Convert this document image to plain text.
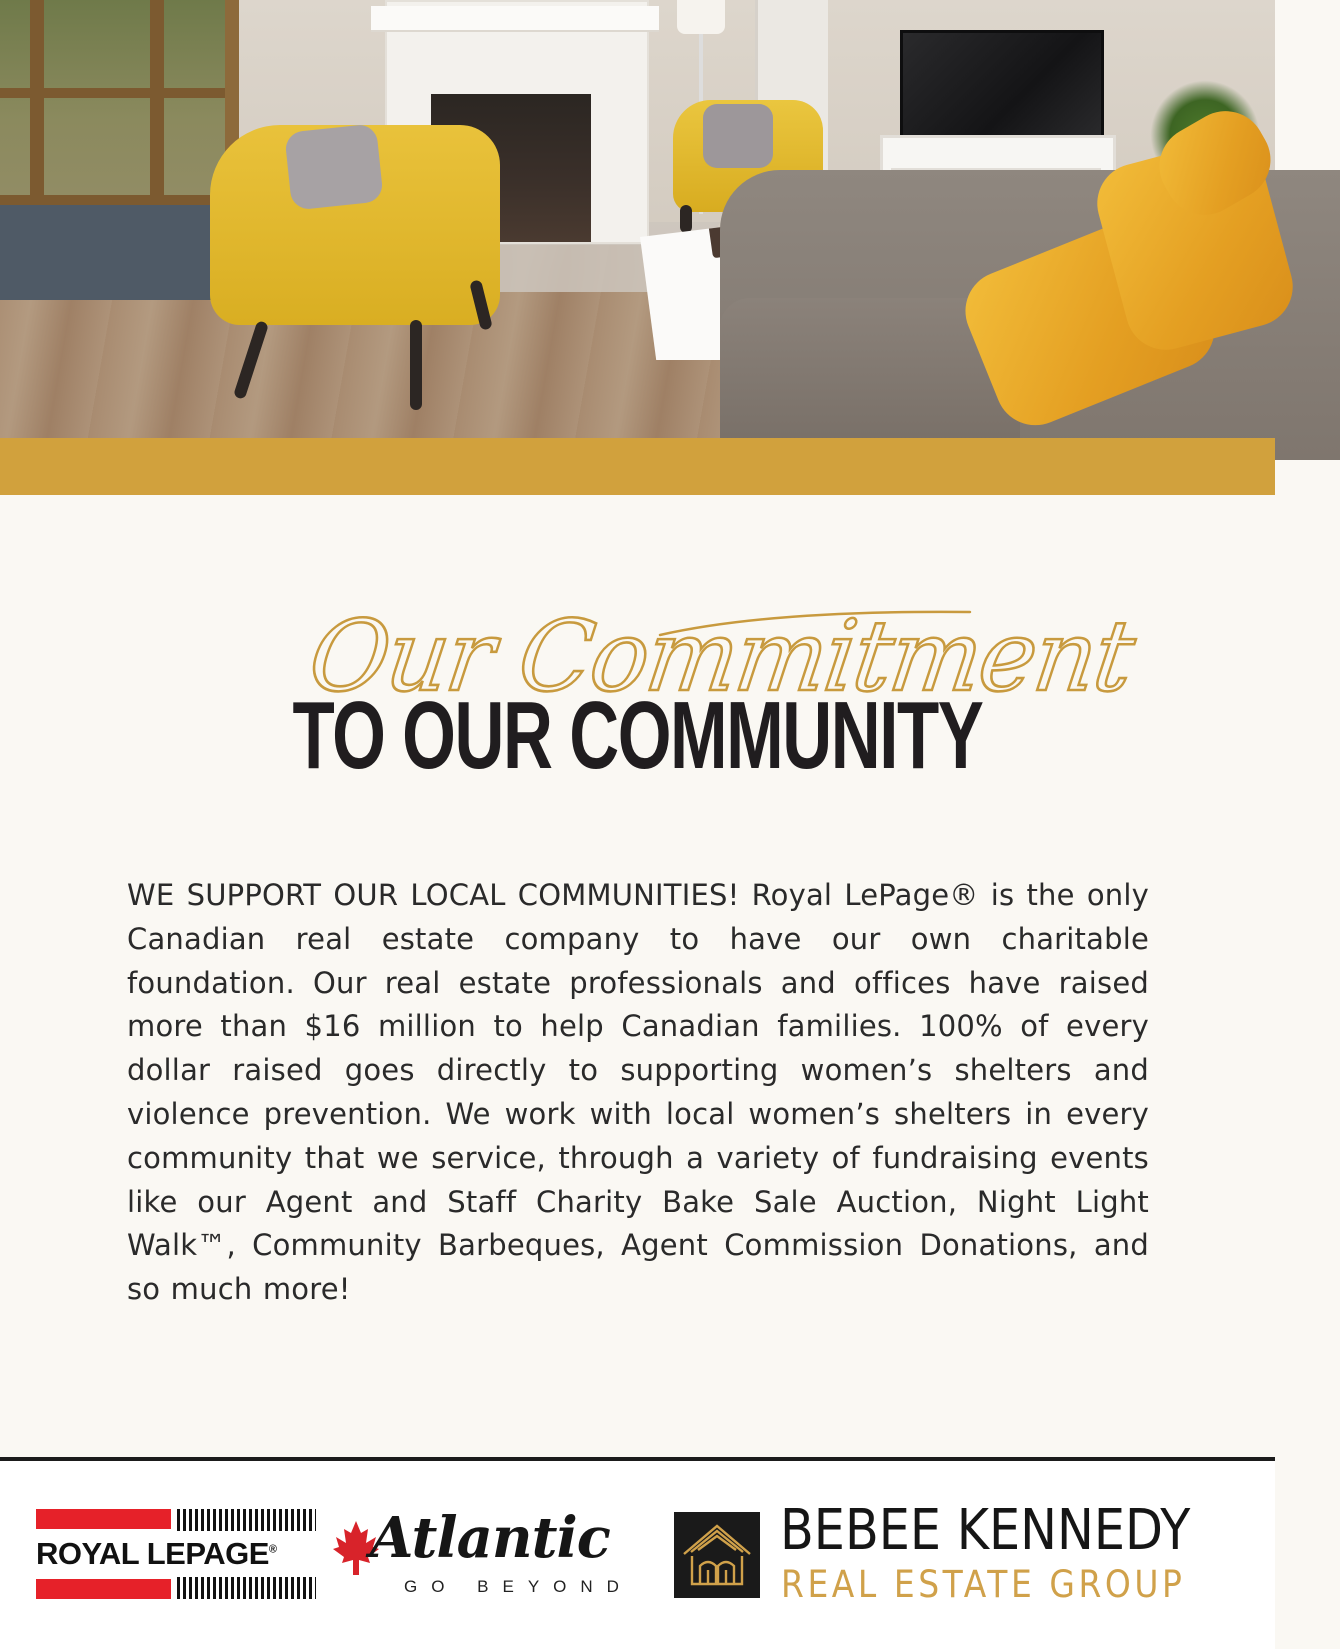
Our Commitment
TO OUR COMMUNITY
WE SUPPORT OUR LOCAL COMMUNITIES! Royal LePage® is the only Canadian real estate company to have our own charitable foundation. Our real estate professionals and offices have raised more than $16 million to help Canadian families. 100% of every dollar raised goes directly to supporting women’s shelters and violence prevention. We work with local women’s shelters in every community that we service, through a variety of fundraising events like our Agent and Staff Charity Bake Sale Auction, Night Light Walk™, Community Barbeques, Agent Commission Donations, and so much more!
ROYAL LEPAGE®	Atlantic
GO BEYOND
BEBEE KENNEDY
REAL ESTATE GROUP
